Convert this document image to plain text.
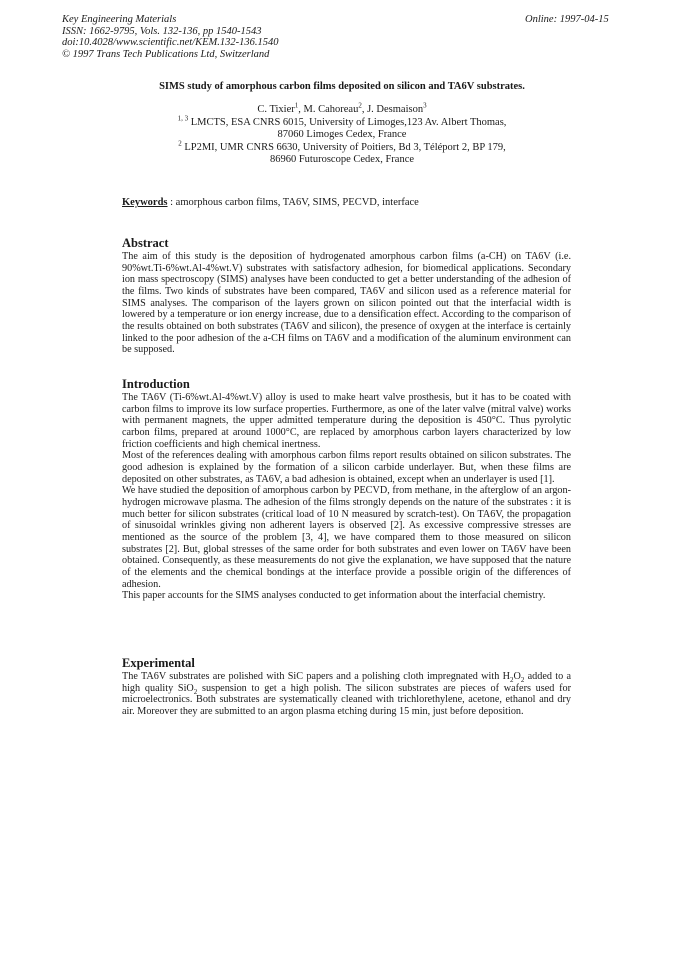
Key Engineering Materials
ISSN: 1662-9795, Vols. 132-136, pp 1540-1543
doi:10.4028/www.scientific.net/KEM.132-136.1540
© 1997 Trans Tech Publications Ltd, Switzerland
Online: 1997-04-15
SIMS study of amorphous carbon films deposited on silicon and TA6V substrates.
C. Tixier$^1$, M. Cahoreau$^2$, J. Desmaison$^3$
$^{1, 3}$ LMCTS, ESA CNRS 6015, University of Limoges,123 Av. Albert Thomas,
87060 Limoges Cedex, France
$^2$ LP2MI, UMR CNRS 6630, University of Poitiers, Bd 3, Téléport 2, BP 179,
86960 Futuroscope Cedex, France
Keywords : amorphous carbon films, TA6V, SIMS, PECVD, interface
Abstract

The aim of this study is the deposition of hydrogenated amorphous carbon films (a-CH) on TA6V (i.e. 90%wt.Ti-6%wt.Al-4%wt.V) substrates with satisfactory adhesion, for biomedical applications. Secondary ion mass spectroscopy (SIMS) analyses have been conducted to get a better understanding of the adhesion of the films. Two kinds of substrates have been compared, TA6V and silicon used as a reference material for SIMS analyses. The comparison of the layers grown on silicon pointed out that the interfacial width is lowered by a temperature or ion energy increase, due to a densification effect. According to the comparison of the results obtained on both substrates (TA6V and silicon), the presence of oxygen at the interface is certainly linked to the poor adhesion of the a-CH films on TA6V and a modification of the aluminum environment can be supposed.

Introduction

The TA6V (Ti-6%wt.Al-4%wt.V) alloy is used to make heart valve prosthesis, but it has to be coated with carbon films to improve its low surface properties. Furthermore, as one of the later valve (mitral valve) works with permanent magnets, the upper admitted temperature during the deposition is 450°C. Thus pyrolytic carbon films, prepared at around 1000°C, are replaced by amorphous carbon layers characterized by low friction coefficients and high chemical inertness.

Most of the references dealing with amorphous carbon films report results obtained on silicon substrates. The good adhesion is explained by the formation of a silicon carbide underlayer. But, when these films are deposited on other substrates, as TA6V, a bad adhesion is obtained, except when an underlayer is used [1].

We have studied the deposition of amorphous carbon by PECVD, from methane, in the afterglow of an argon-hydrogen microwave plasma. The adhesion of the films strongly depends on the nature of the substrates : it is much better for silicon substrates (critical load of 10 N measured by scratch-test). On TA6V, the propagation of sinusoidal wrinkles giving non adherent layers is observed [2]. As excessive compressive stresses are mentioned as the source of the problem [3, 4], we have compared them to those measured on silicon substrates [2]. But, global stresses of the same order for both substrates and even lower on TA6V have been obtained. Consequently, as these measurements do not give the explanation, we have supposed that the nature of the elements and the chemical bondings at the interface provide a possible origin of the differences of adhesion.

This paper accounts for the SIMS analyses conducted to get information about the interfacial chemistry.

Experimental

The TA6V substrates are polished with SiC papers and a polishing cloth impregnated with $H_2O_2$ added to a high quality SiO$_2$ suspension to get a high polish. The silicon substrates are pieces of wafers used for microelectronics. Both substrates are systematically cleaned with trichlorethylene, acetone, ethanol and dry air. Moreover they are submitted to an argon plasma etching during 15 min, just before deposition.
